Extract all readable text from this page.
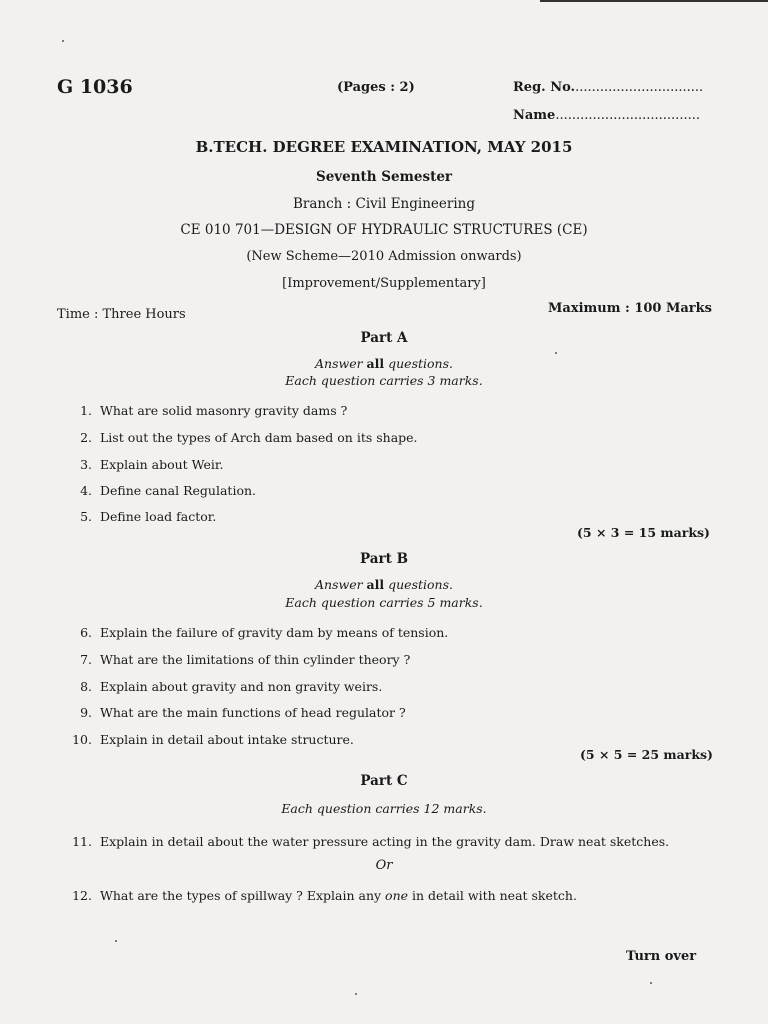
G 1036	(Pages : 2)	Reg. No................................
Name...................................
B.TECH. DEGREE EXAMINATION, MAY 2015
Seventh Semester
Branch : Civil Engineering
CE 010 701—DESIGN OF HYDRAULIC STRUCTURES (CE)
(New Scheme—2010 Admission onwards)
[Improvement/Supplementary]
Time : Three Hours	Maximum : 100 Marks
Part A
Answer all questions.
Each question carries 3 marks.
1. What are solid masonry gravity dams ?
2. List out the types of Arch dam based on its shape.
3. Explain about Weir.
4. Define canal Regulation.
5. Define load factor.
(5 × 3 = 15 marks)
Part B
Answer all questions.
Each question carries 5 marks.
6. Explain the failure of gravity dam by means of tension.
7. What are the limitations of thin cylinder theory ?
8. Explain about gravity and non gravity weirs.
9. What are the main functions of head regulator ?
10. Explain in detail about intake structure.
(5 × 5 = 25 marks)
Part C
Each question carries 12 marks.
11. Explain in detail about the water pressure acting in the gravity dam. Draw neat sketches.
Or
12. What are the types of spillway ? Explain any one in detail with neat sketch.
Turn over
